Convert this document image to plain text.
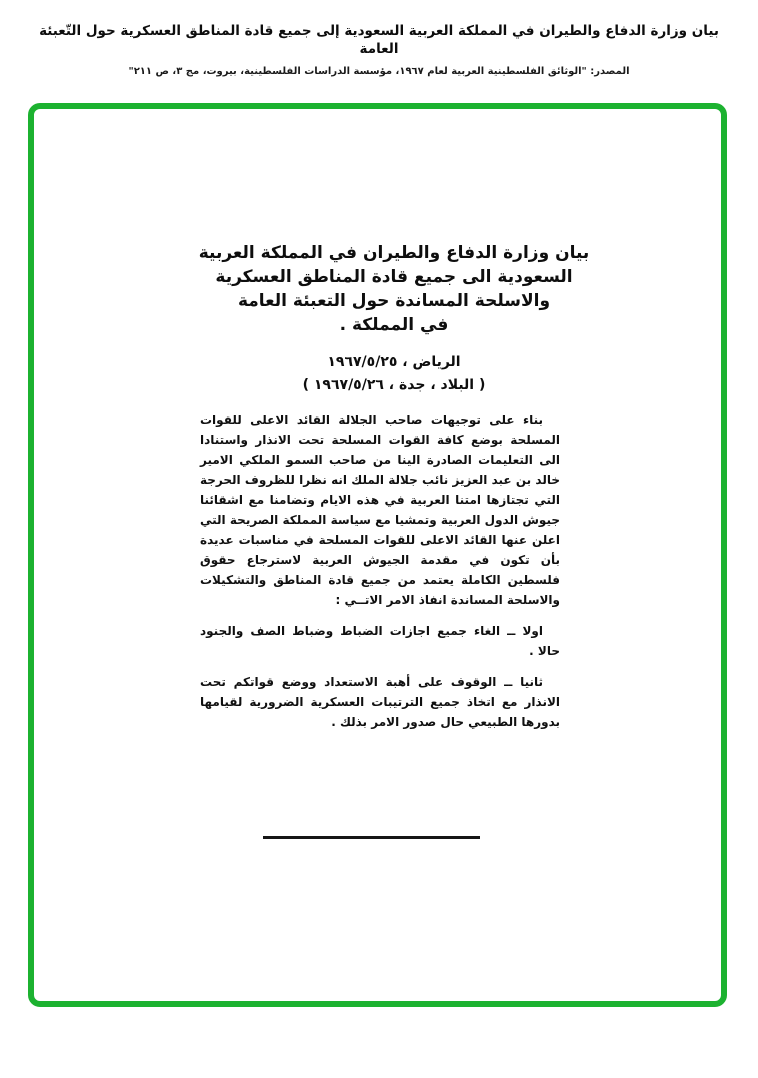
بيان وزارة الدفاع والطيران في المملكة العربية السعودية إلى جميع قادة المناطق العسكرية حول التّعبئة العامة
المصدر: "الوثائق الفلسطينية العربية لعام ١٩٦٧، مؤسسة الدراسات الفلسطينية، بيروت، مج ٣، ص ٢١١"
بيان وزارة الدفاع والطيران في المملكة العربية
السعودية الى جميع قادة المناطق العسكرية
والاسلحة المساندة حول التعبئة العامة
في المملكة .
الرياض ، ١٩٦٧/٥/٢٥
( البلاد ، جدة ، ١٩٦٧/٥/٢٦ )

بناء على توجيهات صاحب الجلالة القائد الاعلى للقوات المسلحة بوضع كافة القوات المسلحة تحت الانذار واستنادا الى التعليمات الصادرة الينا من صاحب السمو الملكي الامير خالد بن عبد العزيز نائب جلالة الملك انه نظرا للظروف الحرجة التي تجتازها امتنا العربية في هذه الايام وتضامنا مع اشقائنا جيوش الدول العربية وتمشيا مع سياسة المملكة الصريحة التي اعلن عنها القائد الاعلى للقوات المسلحة في مناسبات عديدة بأن تكون في مقدمة الجيوش العربية لاسترجاع حقوق فلسطين الكاملة يعتمد من جميع قادة المناطق والتشكيلات والاسلحة المساندة انفاذ الامر الاتــي :

اولا ــ الغاء جميع اجازات الضباط وضباط الصف والجنود حالا .

ثانيا ــ الوقوف على أهبة الاستعداد ووضع قواتكم تحت الانذار مع اتخاذ جميع الترتيبات العسكرية الضرورية لقيامها بدورها الطبيعي حال صدور الامر بذلك .
